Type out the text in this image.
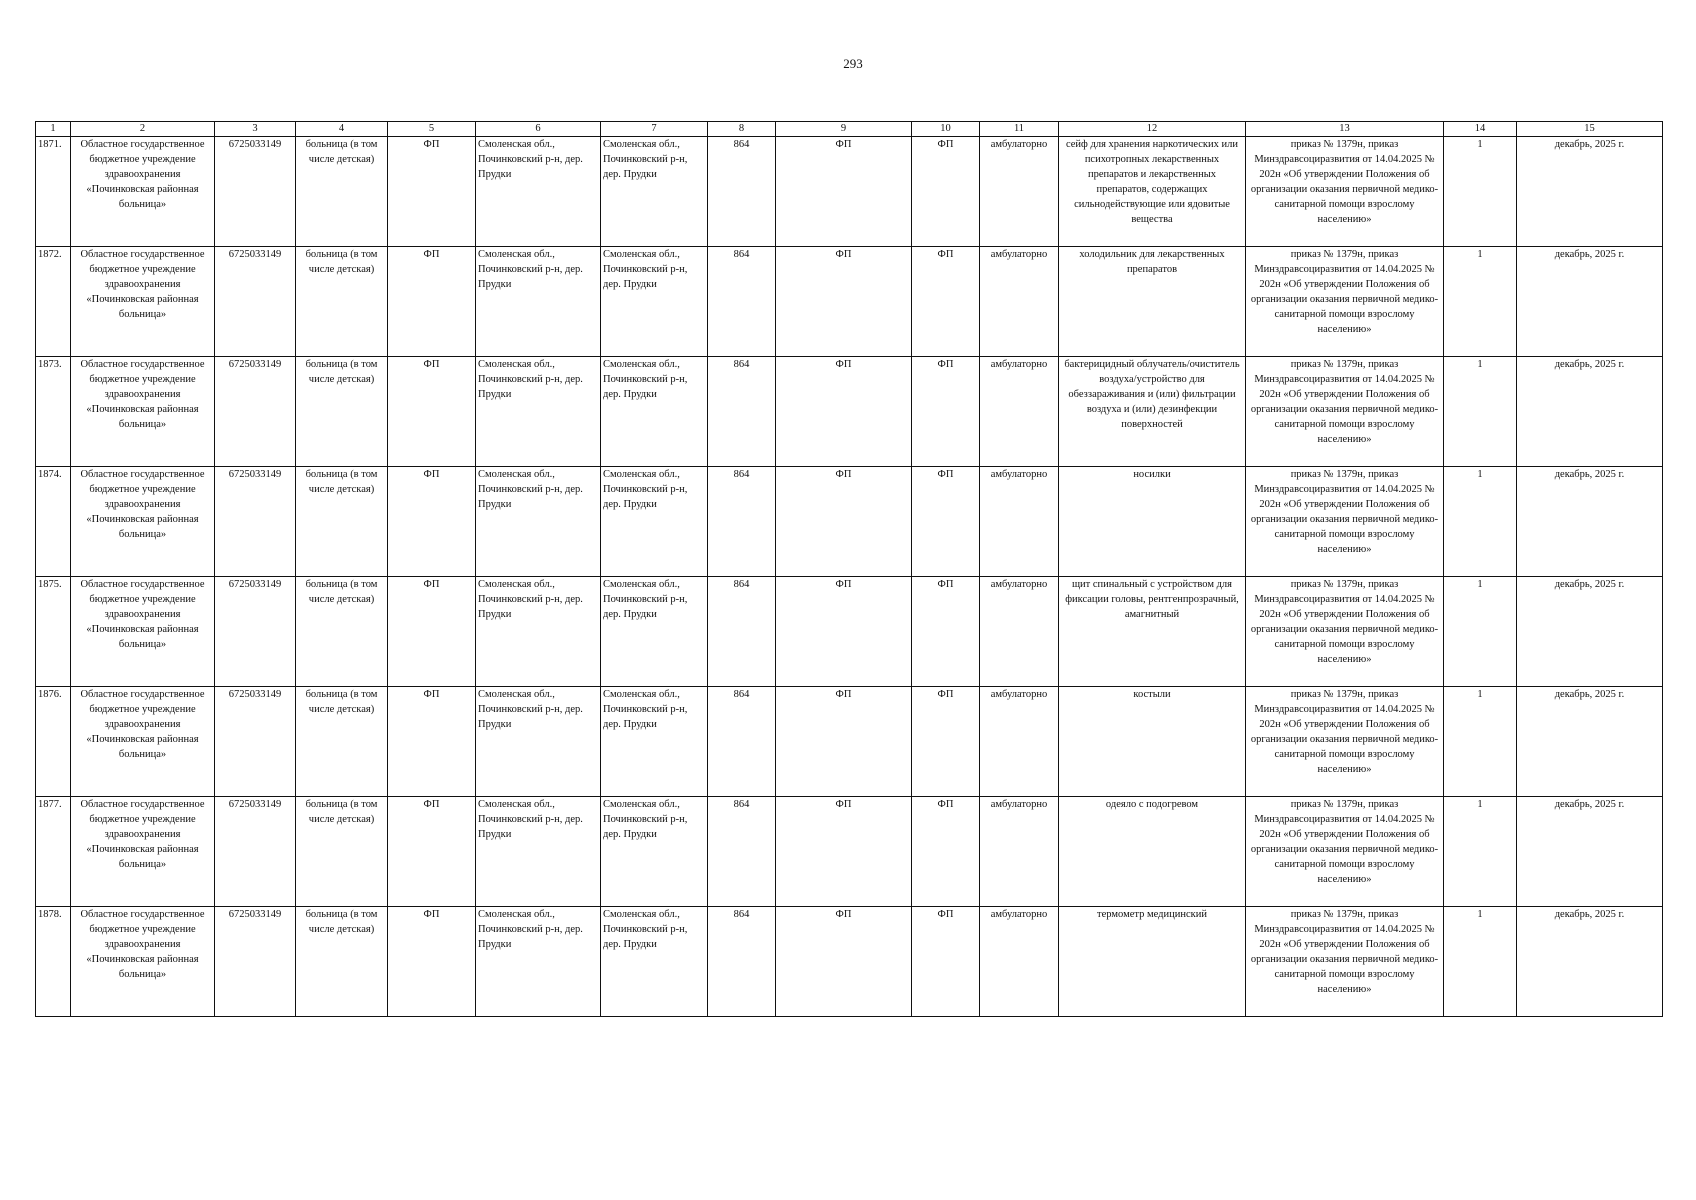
293
1	2	3	4	5	6	7	8	9	10	11	12	13	14	15
1871.	Областное государственное бюджетное учреждение здравоохранения «Починковская районная больница»	6725033149	больница (в том числе детская)	ФП	Смоленская обл., Починковский р-н, дер. Прудки	Смоленская обл., Починковский р-н, дер. Прудки	864	ФП	ФП	амбулаторно	сейф для хранения наркотических или психотропных лекарственных препаратов и лекарственных препаратов, содержащих сильнодействующие или ядовитые вещества	приказ № 1379н, приказ Минздравсоциразвития от 14.04.2025 № 202н «Об утверждении Положения об организации оказания первичной медико-санитарной помощи взрослому населению»	1	декабрь, 2025 г.
1872.	Областное государственное бюджетное учреждение здравоохранения «Починковская районная больница»	6725033149	больница (в том числе детская)	ФП	Смоленская обл., Починковский р-н, дер. Прудки	Смоленская обл., Починковский р-н, дер. Прудки	864	ФП	ФП	амбулаторно	холодильник для лекарственных препаратов	приказ № 1379н, приказ Минздравсоциразвития от 14.04.2025 № 202н «Об утверждении Положения об организации оказания первичной медико-санитарной помощи взрослому населению»	1	декабрь, 2025 г.
1873.	Областное государственное бюджетное учреждение здравоохранения «Починковская районная больница»	6725033149	больница (в том числе детская)	ФП	Смоленская обл., Починковский р-н, дер. Прудки	Смоленская обл., Починковский р-н, дер. Прудки	864	ФП	ФП	амбулаторно	бактерицидный облучатель/очиститель воздуха/устройство для обеззараживания и (или) фильтрации воздуха и (или) дезинфекции поверхностей	приказ № 1379н, приказ Минздравсоциразвития от 14.04.2025 № 202н «Об утверждении Положения об организации оказания первичной медико-санитарной помощи взрослому населению»	1	декабрь, 2025 г.
1874.	Областное государственное бюджетное учреждение здравоохранения «Починковская районная больница»	6725033149	больница (в том числе детская)	ФП	Смоленская обл., Починковский р-н, дер. Прудки	Смоленская обл., Починковский р-н, дер. Прудки	864	ФП	ФП	амбулаторно	носилки	приказ № 1379н, приказ Минздравсоциразвития от 14.04.2025 № 202н «Об утверждении Положения об организации оказания первичной медико-санитарной помощи взрослому населению»	1	декабрь, 2025 г.
1875.	Областное государственное бюджетное учреждение здравоохранения «Починковская районная больница»	6725033149	больница (в том числе детская)	ФП	Смоленская обл., Починковский р-н, дер. Прудки	Смоленская обл., Починковский р-н, дер. Прудки	864	ФП	ФП	амбулаторно	щит спинальный с устройством для фиксации головы, рентгенпрозрачный, амагнитный	приказ № 1379н, приказ Минздравсоциразвития от 14.04.2025 № 202н «Об утверждении Положения об организации оказания первичной медико-санитарной помощи взрослому населению»	1	декабрь, 2025 г.
1876.	Областное государственное бюджетное учреждение здравоохранения «Починковская районная больница»	6725033149	больница (в том числе детская)	ФП	Смоленская обл., Починковский р-н, дер. Прудки	Смоленская обл., Починковский р-н, дер. Прудки	864	ФП	ФП	амбулаторно	костыли	приказ № 1379н, приказ Минздравсоциразвития от 14.04.2025 № 202н «Об утверждении Положения об организации оказания первичной медико-санитарной помощи взрослому населению»	1	декабрь, 2025 г.
1877.	Областное государственное бюджетное учреждение здравоохранения «Починковская районная больница»	6725033149	больница (в том числе детская)	ФП	Смоленская обл., Починковский р-н, дер. Прудки	Смоленская обл., Починковский р-н, дер. Прудки	864	ФП	ФП	амбулаторно	одеяло с подогревом	приказ № 1379н, приказ Минздравсоциразвития от 14.04.2025 № 202н «Об утверждении Положения об организации оказания первичной медико-санитарной помощи взрослому населению»	1	декабрь, 2025 г.
1878.	Областное государственное бюджетное учреждение здравоохранения «Починковская районная больница»	6725033149	больница (в том числе детская)	ФП	Смоленская обл., Починковский р-н, дер. Прудки	Смоленская обл., Починковский р-н, дер. Прудки	864	ФП	ФП	амбулаторно	термометр медицинский	приказ № 1379н, приказ Минздравсоциразвития от 14.04.2025 № 202н «Об утверждении Положения об организации оказания первичной медико-санитарной помощи взрослому населению»	1	декабрь, 2025 г.
